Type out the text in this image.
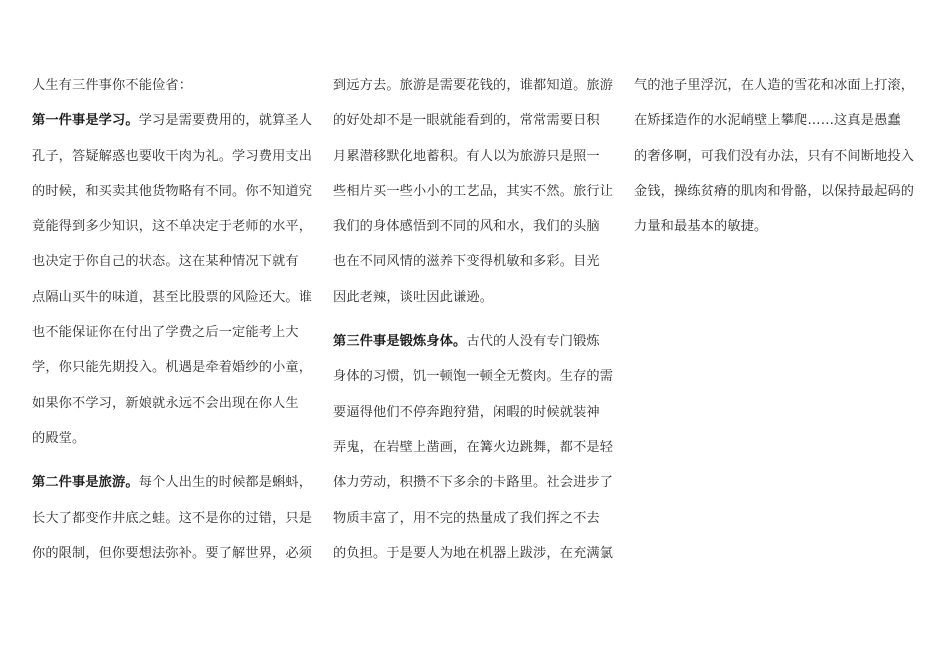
人生有三件事你不能俭省：
第一件事是学习。学习是需要费用的，就算圣人
孔子，答疑解惑也要收干肉为礼。学习费用支出
的时候，和买卖其他货物略有不同。你不知道究
竟能得到多少知识，这不单决定于老师的水平，
也决定于你自己的状态。这在某种情况下就有
点隔山买牛的味道，甚至比股票的风险还大。谁
也不能保证你在付出了学费之后一定能考上大
学，你只能先期投入。机遇是牵着婚纱的小童，
如果你不学习，新娘就永远不会出现在你人生
的殿堂。
第二件事是旅游。每个人出生的时候都是蝌蚪，
长大了都变作井底之蛙。这不是你的过错，只是
你的限制，但你要想法弥补。要了解世界，必须
到远方去。旅游是需要花钱的，谁都知道。旅游
的好处却不是一眼就能看到的，常常需要日积
月累潜移默化地蓄积。有人以为旅游只是照一
些相片买一些小小的工艺品，其实不然。旅行让
我们的身体感悟到不同的风和水，我们的头脑
也在不同风情的滋养下变得机敏和多彩。目光
因此老辣，谈吐因此谦逊。
第三件事是锻炼身体。古代的人没有专门锻炼
身体的习惯，饥一顿饱一顿全无赘肉。生存的需
要逼得他们不停奔跑狩猎，闲暇的时候就装神
弄鬼，在岩壁上凿画，在篝火边跳舞，都不是轻
体力劳动，积攒不下多余的卡路里。社会进步了
物质丰富了，用不完的热量成了我们挥之不去
的负担。于是要人为地在机器上跋涉，在充满氯
气的池子里浮沉，在人造的雪花和冰面上打滚，
在矫揉造作的水泥峭壁上攀爬……这真是愚蠢
的奢侈啊，可我们没有办法，只有不间断地投入
金钱，操练贫瘠的肌肉和骨骼，以保持最起码的
力量和最基本的敏捷。
